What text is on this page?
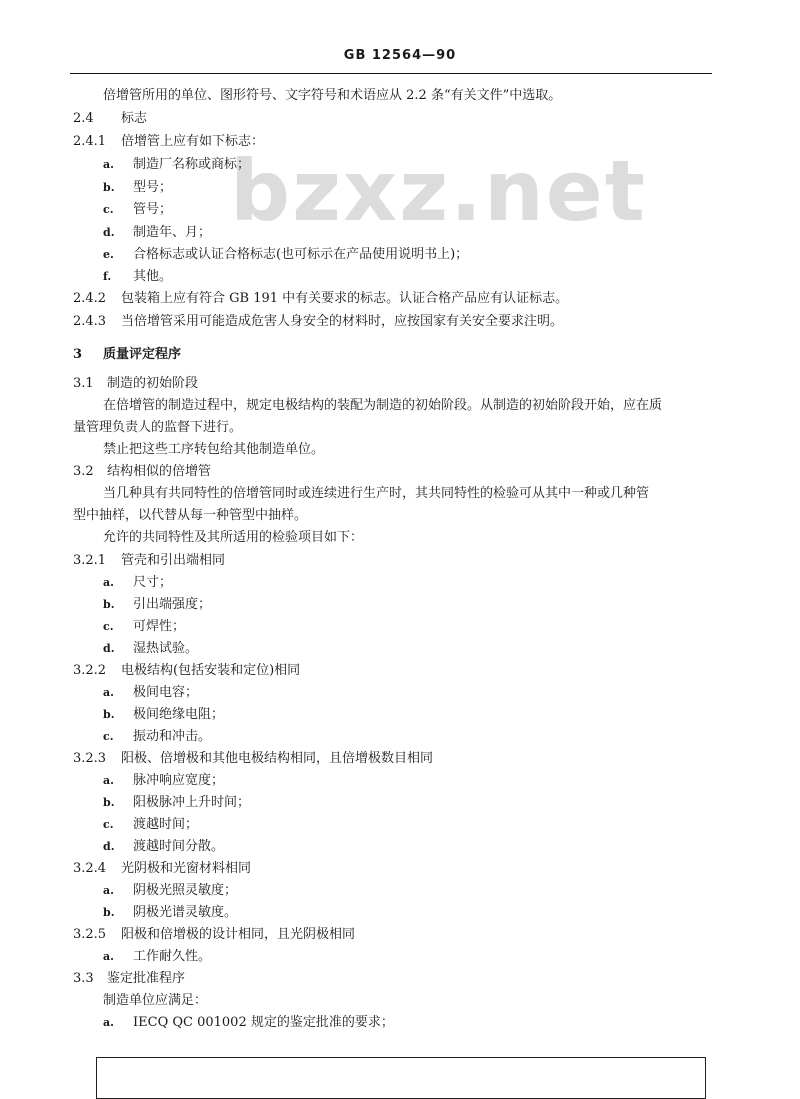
GB 12564—90
bzxz.net
倍增管所用的单位、图形符号、文字符号和术语应从 2.2 条“有关文件”中选取。
2.4 标志
2.4.1 倍增管上应有如下标志：
a. 制造厂名称或商标；
b. 型号；
c. 管号；
d. 制造年、月；
e. 合格标志或认证合格标志(也可标示在产品使用说明书上)；
f. 其他。
2.4.2 包装箱上应有符合 GB 191 中有关要求的标志。认证合格产品应有认证标志。
2.4.3 当倍增管采用可能造成危害人身安全的材料时，应按国家有关安全要求注明。
3 质量评定程序
3.1 制造的初始阶段
在倍增管的制造过程中，规定电极结构的装配为制造的初始阶段。从制造的初始阶段开始，应在质
量管理负责人的监督下进行。
禁止把这些工序转包给其他制造单位。
3.2 结构相似的倍增管
当几种具有共同特性的倍增管同时或连续进行生产时，其共同特性的检验可从其中一种或几种管
型中抽样，以代替从每一种管型中抽样。
允许的共同特性及其所适用的检验项目如下：
3.2.1 管壳和引出端相同
a. 尺寸；
b. 引出端强度；
c. 可焊性；
d. 湿热试验。
3.2.2 电极结构(包括安装和定位)相同
a. 极间电容；
b. 极间绝缘电阻；
c. 振动和冲击。
3.2.3 阳极、倍增极和其他电极结构相同，且倍增极数目相同
a. 脉冲响应宽度；
b. 阳极脉冲上升时间；
c. 渡越时间；
d. 渡越时间分散。
3.2.4 光阴极和光窗材料相同
a. 阴极光照灵敏度；
b. 阴极光谱灵敏度。
3.2.5 阳极和倍增极的设计相同，且光阴极相同
a. 工作耐久性。
3.3 鉴定批准程序
制造单位应满足：
a. IECQ QC 001002 规定的鉴定批准的要求；
